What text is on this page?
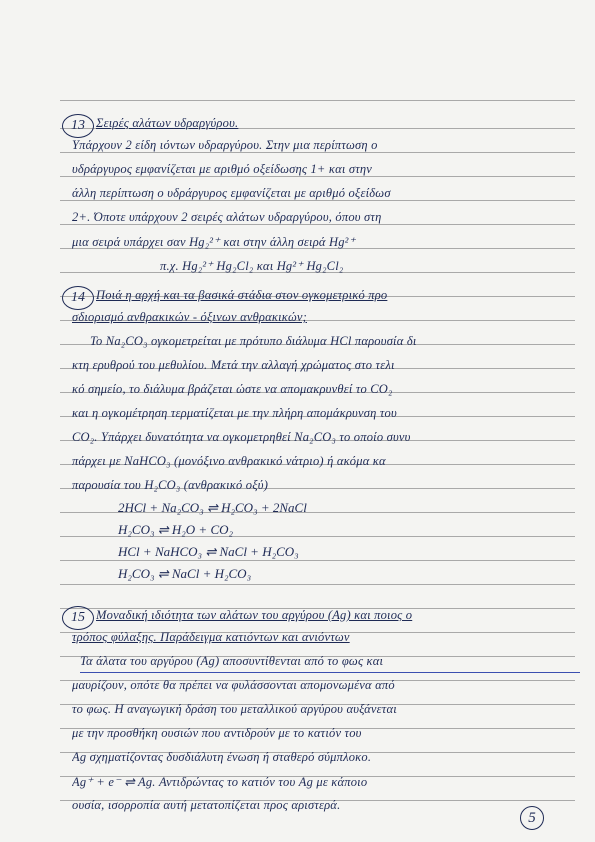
13 Σειρές αλάτων υδραργύρου.
Υπάρχουν 2 είδη ιόντων υδραργύρου. Στην μια περίπτωση ο
υδράργυρος εμφανίζεται με αριθμό οξείδωσης 1+ και στην
άλλη περίπτωση ο υδράργυρος εμφανίζεται με αριθμό οξείδωσ
2+. Όποτε υπάρχουν 2 σειρές αλάτων υδραργύρου, όπου στη
μια σειρά υπάρχει σαν Hg₂²⁺ και στην άλλη σειρά Hg²⁺
π.χ. Hg₂²⁺ Hg₂Cl₂ και Hg²⁺ Hg₂Cl₂
14 Ποιά η αρχή και τα βασικά στάδια στον ογκομετρικό προ
σδιορισμό ανθρακικών - όξινων ανθρακικών;
Το Na₂CO₃ ογκομετρείται με πρότυπο διάλυμα HCl παρουσία δι
κτη ερυθρού του μεθυλίου. Μετά την αλλαγή χρώματος στο τελι
κό σημείο, το διάλυμα βράζεται ώστε να απομακρυνθεί το CO₂
και η ογκομέτρηση τερματίζεται με την πλήρη απομάκρυνση του
CO₂. Υπάρχει δυνατότητα να ογκομετρηθεί Na₂CO₃ το οποίο συνυ
πάρχει με NaHCO₃ (μονόξινο ανθρακικό νάτριο) ή ακόμα κα
παρουσία του H₂CO₃ (ανθρακικό οξύ)
2HCl + Na₂CO₃ ⇌ H₂CO₃ + 2NaCl
H₂CO₃ ⇌ H₂O + CO₂
HCl + NaHCO₃ ⇌ NaCl + H₂CO₃
H₂CO₃ ⇌ NaCl + H₂CO₃
15 Μοναδική ιδιότητα των αλάτων του αργύρου (Ag) και ποιος ο
τρόπος φύλαξης. Παράδειγμα κατιόντων και ανιόντων
Τα άλατα του αργύρου (Ag) αποσυντίθενται από το φως και
μαυρίζουν, οπότε θα πρέπει να φυλάσσονται απομονωμένα από
το φως. Η αναγωγική δράση του μεταλλικού αργύρου αυξάνεται
με την προσθήκη ουσιών που αντιδρούν με το κατιόν του
Ag σχηματίζοντας δυσδιάλυτη ένωση ή σταθερό σύμπλοκο.
Ag⁺ + e⁻ ⇌ Ag. Αντιδρώντας το κατιόν του Ag με κάποιο
ουσία, ισορροπία αυτή μετατοπίζεται προς αριστερά.
5
